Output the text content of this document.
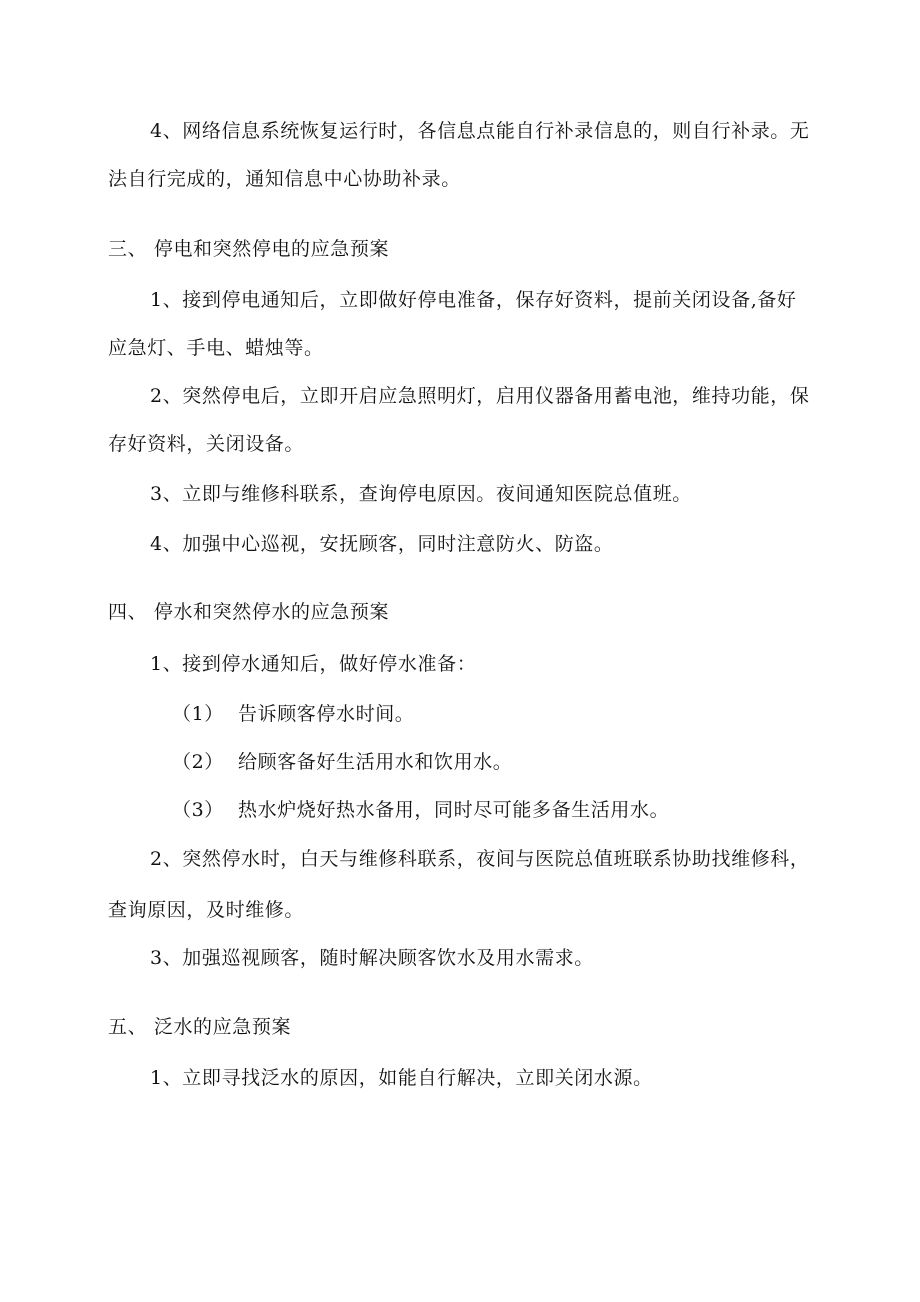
4、网络信息系统恢复运行时，各信息点能自行补录信息的，则自行补录。无
法自行完成的，通知信息中心协助补录。
三、 停电和突然停电的应急预案
1、接到停电通知后，立即做好停电准备，保存好资料，提前关闭设备,备好
应急灯、手电、蜡烛等。
2、突然停电后，立即开启应急照明灯，启用仪器备用蓄电池，维持功能，保
存好资料，关闭设备。
3、立即与维修科联系，查询停电原因。夜间通知医院总值班。
4、加强中心巡视，安抚顾客，同时注意防火、防盗。
四、 停水和突然停水的应急预案
1、接到停水通知后，做好停水准备：
（1） 告诉顾客停水时间。
（2） 给顾客备好生活用水和饮用水。
（3） 热水炉烧好热水备用，同时尽可能多备生活用水。
2、突然停水时，白天与维修科联系，夜间与医院总值班联系协助找维修科，
查询原因，及时维修。
3、加强巡视顾客，随时解决顾客饮水及用水需求。
五、 泛水的应急预案
1、立即寻找泛水的原因，如能自行解决，立即关闭水源。
